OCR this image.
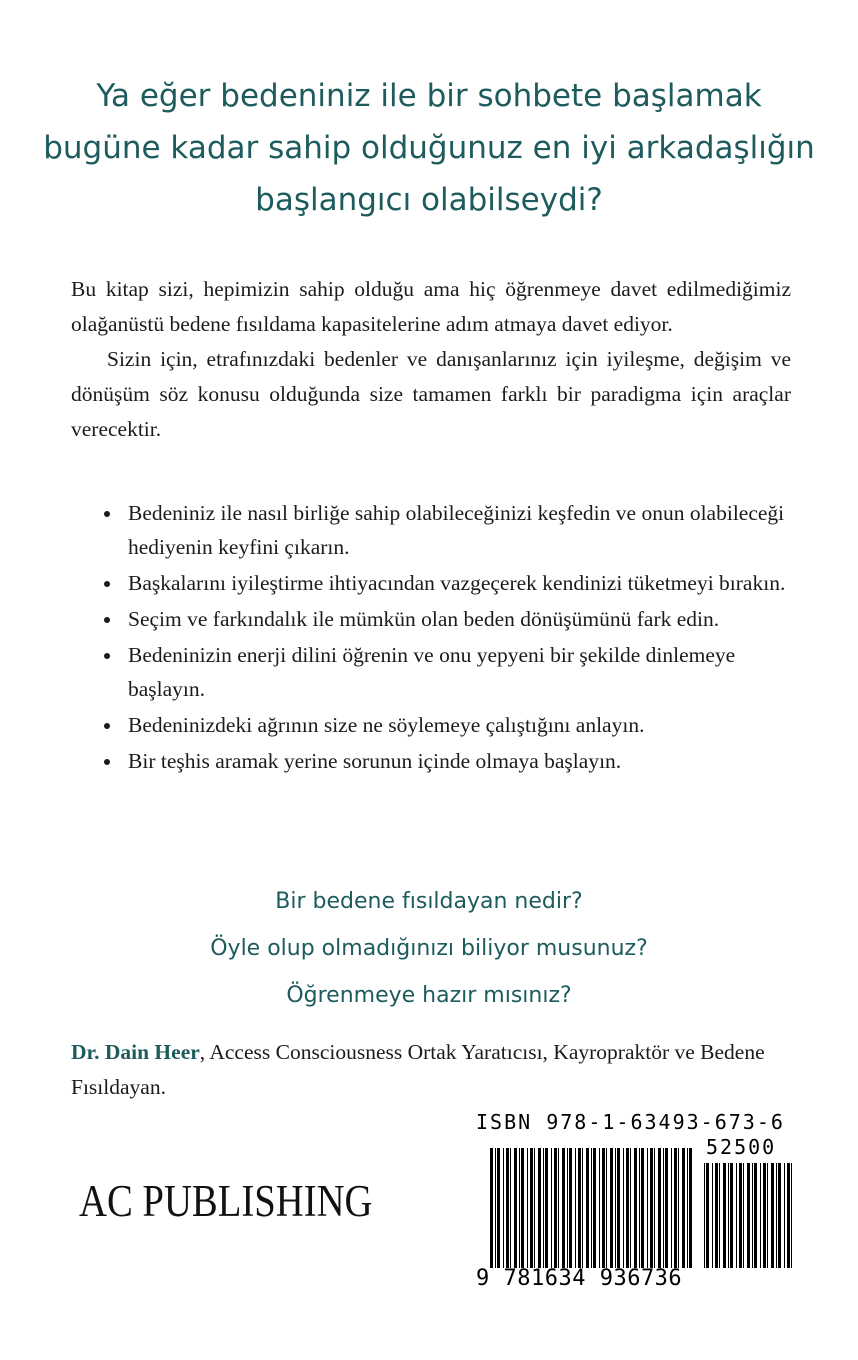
Ya eğer bedeniniz ile bir sohbete başlamak
bugüne kadar sahip olduğunuz en iyi arkadaşlığın
başlangıcı olabilseydi?

Bu kitap sizi, hepimizin sahip olduğu ama hiç öğrenmeye davet edilmediğimiz olağanüstü bedene fısıldama kapasitelerine adım atmaya davet ediyor.

Sizin için, etrafınızdaki bedenler ve danışanlarınız için iyileşme, değişim ve dönüşüm söz konusu olduğunda size tamamen farklı bir paradigma için araçlar verecektir.

Bedeniniz ile nasıl birliğe sahip olabileceğinizi keşfedin ve onun olabileceği hediyenin keyfini çıkarın.
Başkalarını iyileştirme ihtiyacından vazgeçerek kendinizi tüketmeyi bırakın.
Seçim ve farkındalık ile mümkün olan beden dönüşümünü fark edin.
Bedeninizin enerji dilini öğrenin ve onu yepyeni bir şekilde dinlemeye başlayın.
Bedeninizdeki ağrının size ne söylemeye çalıştığını anlayın.
Bir teşhis aramak yerine sorunun içinde olmaya başlayın.
Bir bedene fısıldayan nedir?
Öyle olup olmadığınızı biliyor musunuz?
Öğrenmeye hazır mısınız?
Dr. Dain Heer, Access Consciousness Ortak Yaratıcısı, Kayropraktör ve Bedene Fısıldayan.
AC PUBLISHING
ISBN 978-1-63493-673-6
52500
9 781634 936736
